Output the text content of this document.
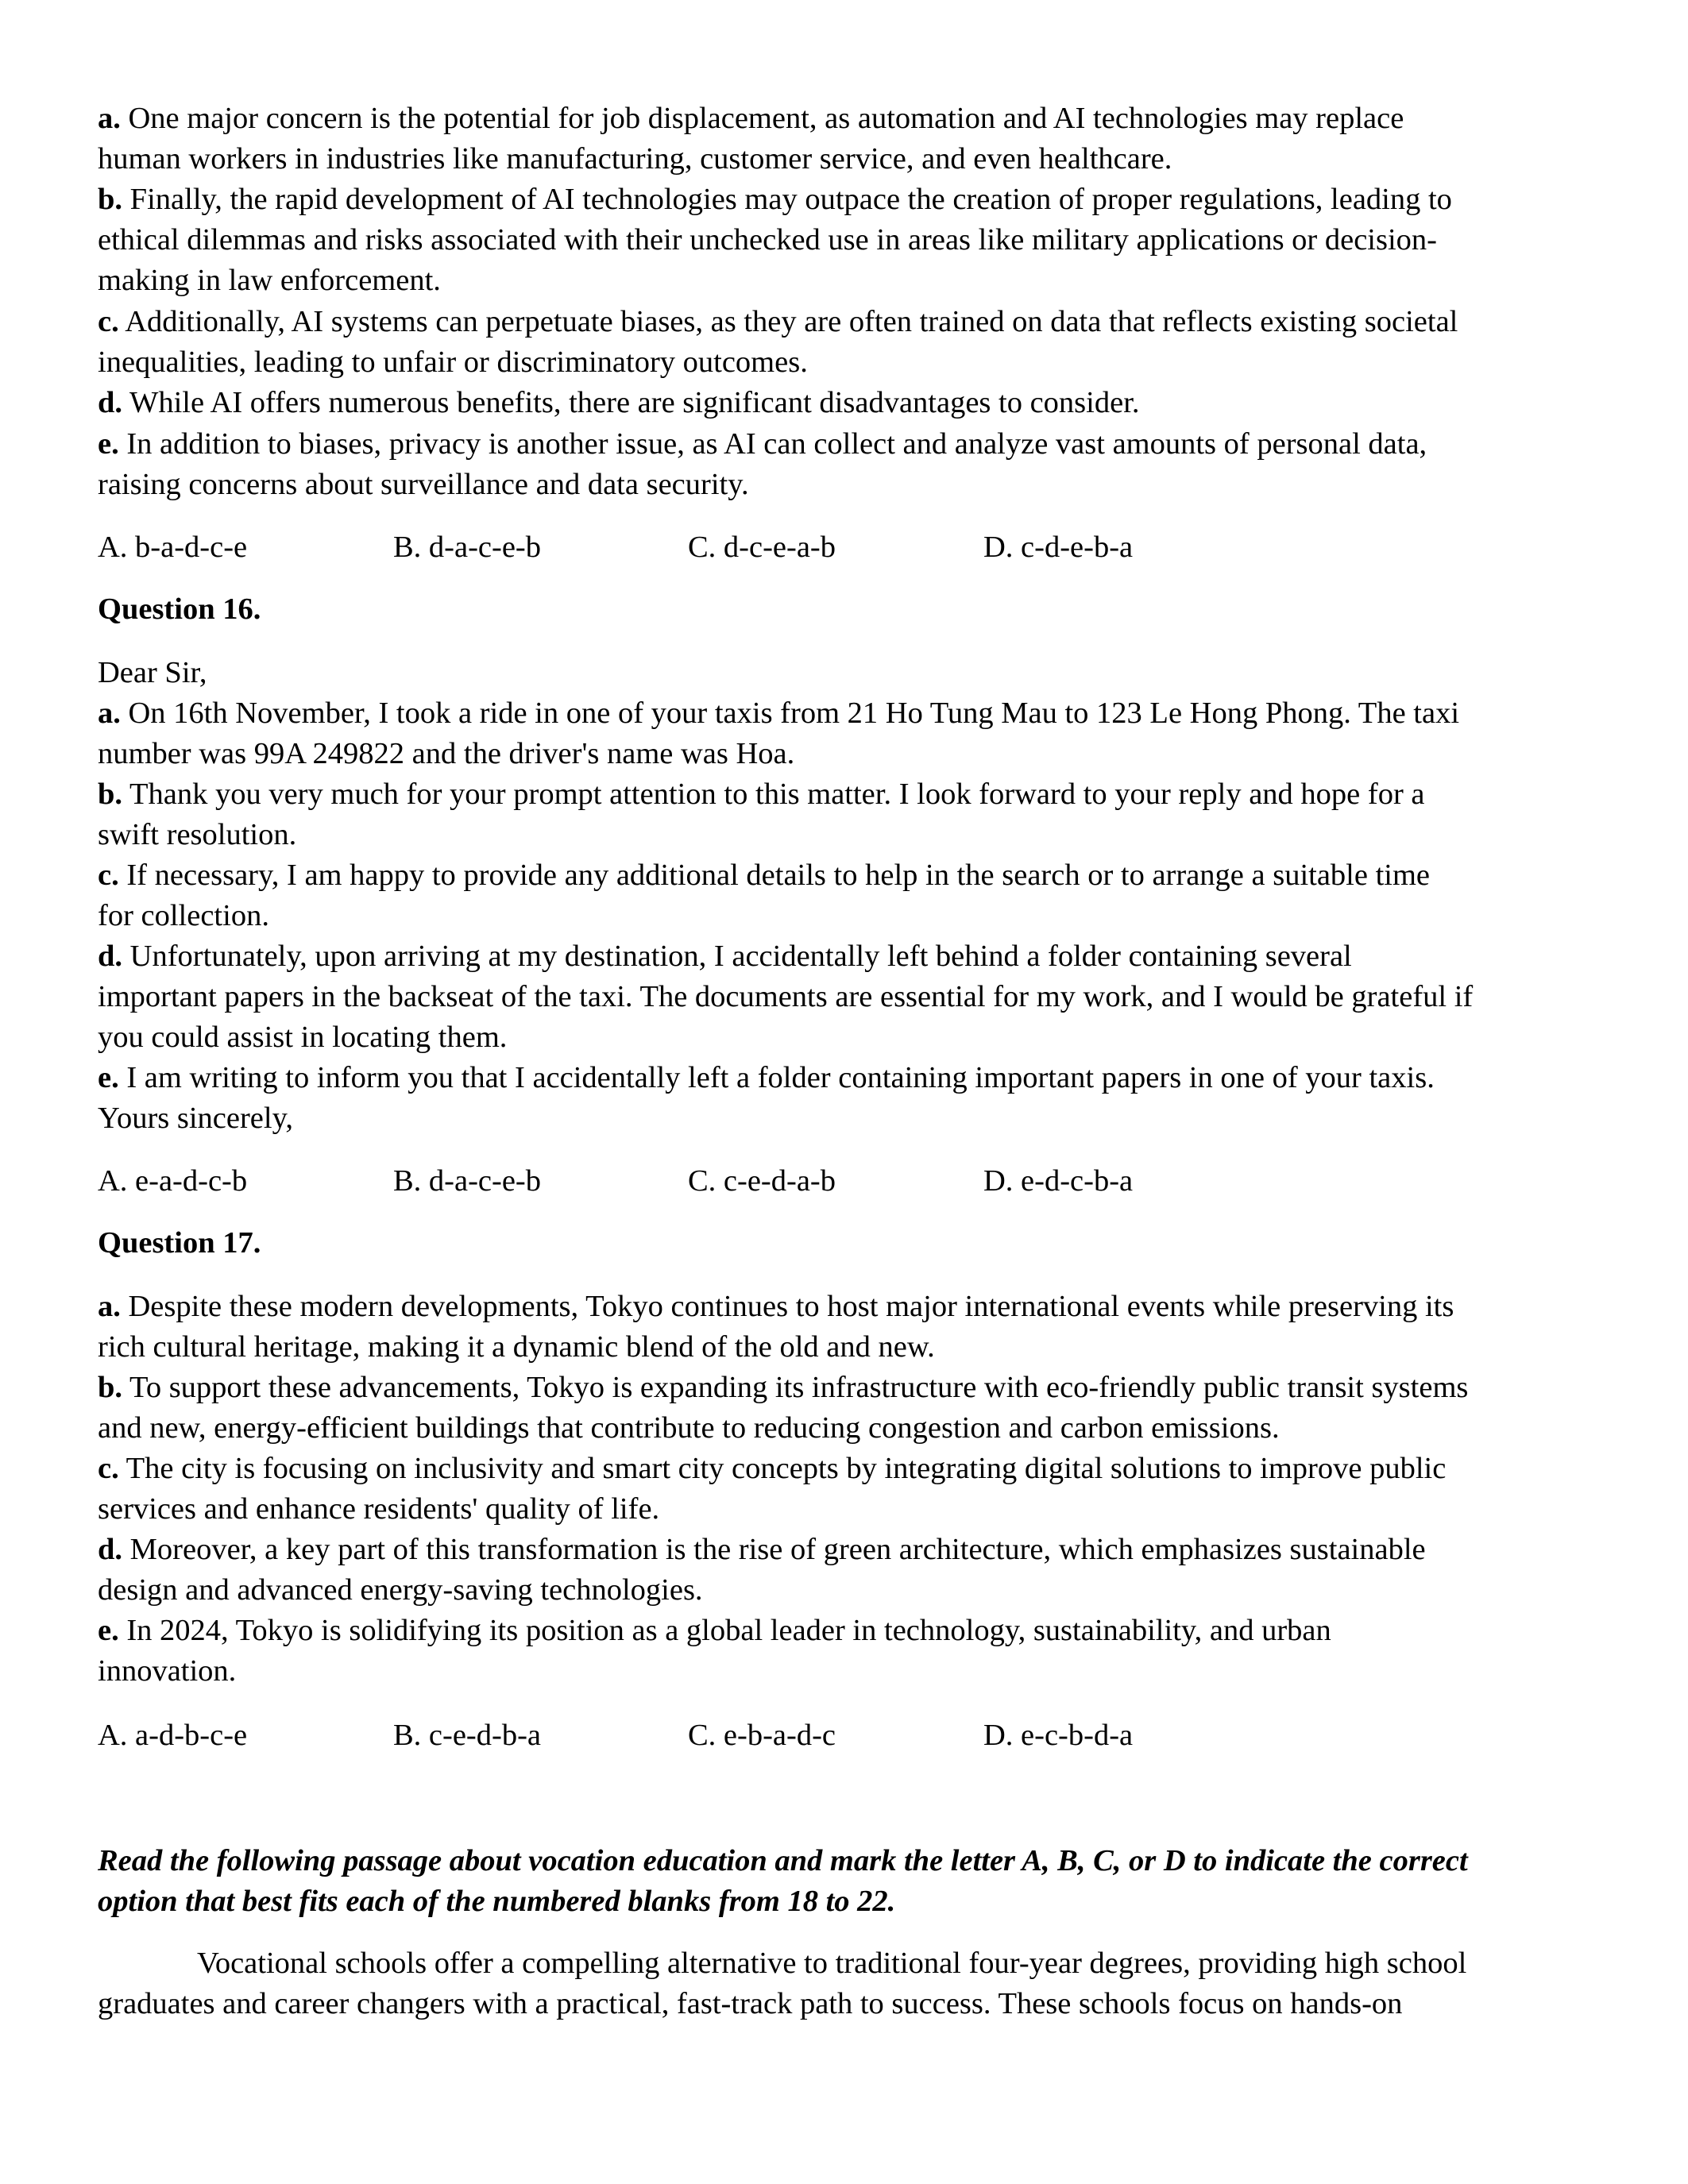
a. One major concern is the potential for job displacement, as automation and AI technologies may replace
human workers in industries like manufacturing, customer service, and even healthcare.
b. Finally, the rapid development of AI technologies may outpace the creation of proper regulations, leading to
ethical dilemmas and risks associated with their unchecked use in areas like military applications or decision-
making in law enforcement.
c. Additionally, AI systems can perpetuate biases, as they are often trained on data that reflects existing societal
inequalities, leading to unfair or discriminatory outcomes.
d. While AI offers numerous benefits, there are significant disadvantages to consider.
e. In addition to biases, privacy is another issue, as AI can collect and analyze vast amounts of personal data,
raising concerns about surveillance and data security.
A. b-a-d-c-e	B. d-a-c-e-b	C. d-c-e-a-b	D. c-d-e-b-a
Question 16.
Dear Sir,
a. On 16th November, I took a ride in one of your taxis from 21 Ho Tung Mau to 123 Le Hong Phong. The taxi
number was 99A 249822 and the driver's name was Hoa.
b. Thank you very much for your prompt attention to this matter. I look forward to your reply and hope for a
swift resolution.
c. If necessary, I am happy to provide any additional details to help in the search or to arrange a suitable time
for collection.
d. Unfortunately, upon arriving at my destination, I accidentally left behind a folder containing several
important papers in the backseat of the taxi. The documents are essential for my work, and I would be grateful if
you could assist in locating them.
e. I am writing to inform you that I accidentally left a folder containing important papers in one of your taxis.
Yours sincerely,
A. e-a-d-c-b	B. d-a-c-e-b	C. c-e-d-a-b	D. e-d-c-b-a
Question 17.
a. Despite these modern developments, Tokyo continues to host major international events while preserving its
rich cultural heritage, making it a dynamic blend of the old and new.
b. To support these advancements, Tokyo is expanding its infrastructure with eco-friendly public transit systems
and new, energy-efficient buildings that contribute to reducing congestion and carbon emissions.
c. The city is focusing on inclusivity and smart city concepts by integrating digital solutions to improve public
services and enhance residents' quality of life.
d. Moreover, a key part of this transformation is the rise of green architecture, which emphasizes sustainable
design and advanced energy-saving technologies.
e. In 2024, Tokyo is solidifying its position as a global leader in technology, sustainability, and urban
innovation.
A. a-d-b-c-e	B. c-e-d-b-a	C. e-b-a-d-c	D. e-c-b-d-a
Read the following passage about vocation education and mark the letter A, B, C, or D to indicate the correct
option that best fits each of the numbered blanks from 18 to 22.
Vocational schools offer a compelling alternative to traditional four-year degrees, providing high school
graduates and career changers with a practical, fast-track path to success. These schools focus on hands-on
